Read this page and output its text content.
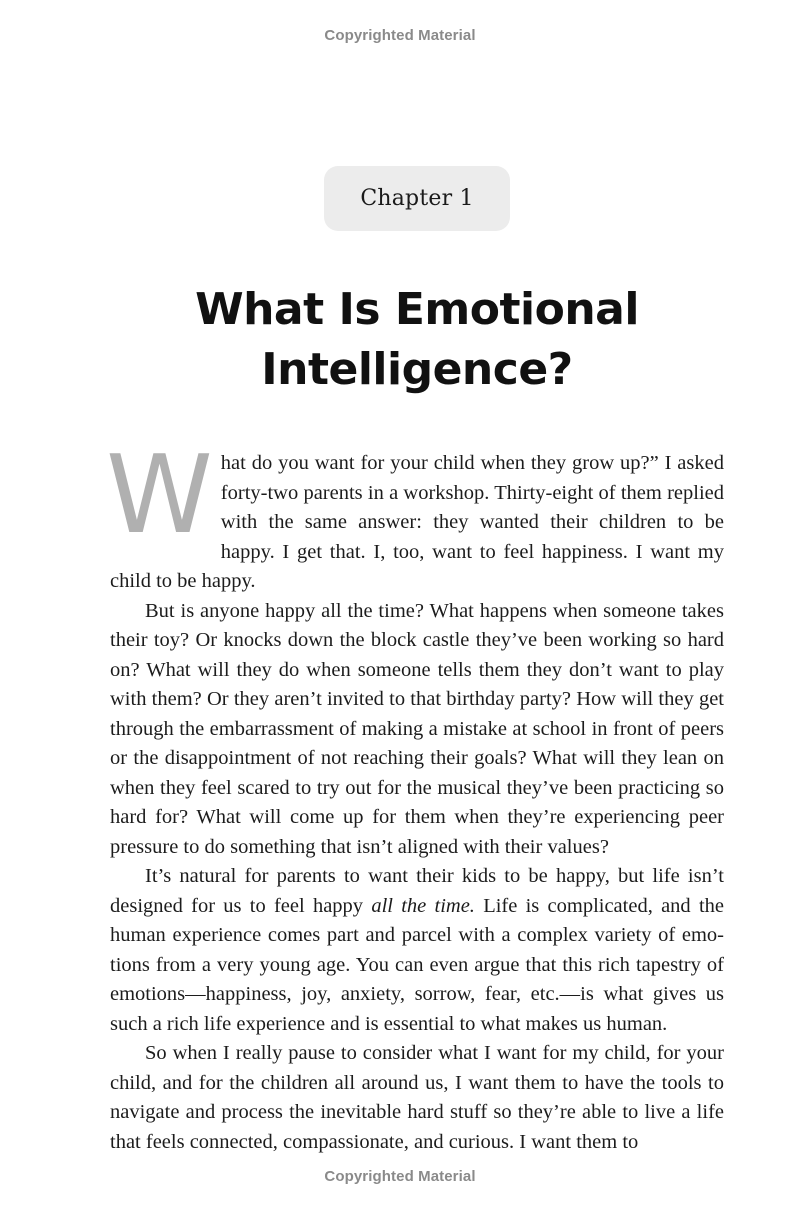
Copyrighted Material
Chapter 1
What Is Emotional
Intelligence?

What do you want for your child when they grow up?” I asked forty-two parents in a workshop. Thirty-eight of them replied with the same answer: they wanted their children to be happy. I get that. I, too, want to feel happiness. I want my child to be happy.

But is anyone happy all the time? What happens when someone takes their toy? Or knocks down the block castle they’ve been working so hard on? What will they do when someone tells them they don’t want to play with them? Or they aren’t invited to that birthday party? How will they get through the embarrassment of making a mistake at school in front of peers or the disappointment of not reaching their goals? What will they lean on when they feel scared to try out for the musical they’ve been practicing so hard for? What will come up for them when they’re experiencing peer pressure to do something that isn’t aligned with their values?

It’s natural for parents to want their kids to be happy, but life isn’t designed for us to feel happy all the time. Life is complicated, and the human experience comes part and parcel with a complex variety of emotions from a very young age. You can even argue that this rich tapestry of emotions—happiness, joy, anxiety, sorrow, fear, etc.—is what gives us such a rich life experience and is essential to what makes us human.

So when I really pause to consider what I want for my child, for your child, and for the children all around us, I want them to have the tools to navigate and process the inevitable hard stuff so they’re able to live a life that feels connected, compassionate, and curious. I want them to

Copyrighted Material
